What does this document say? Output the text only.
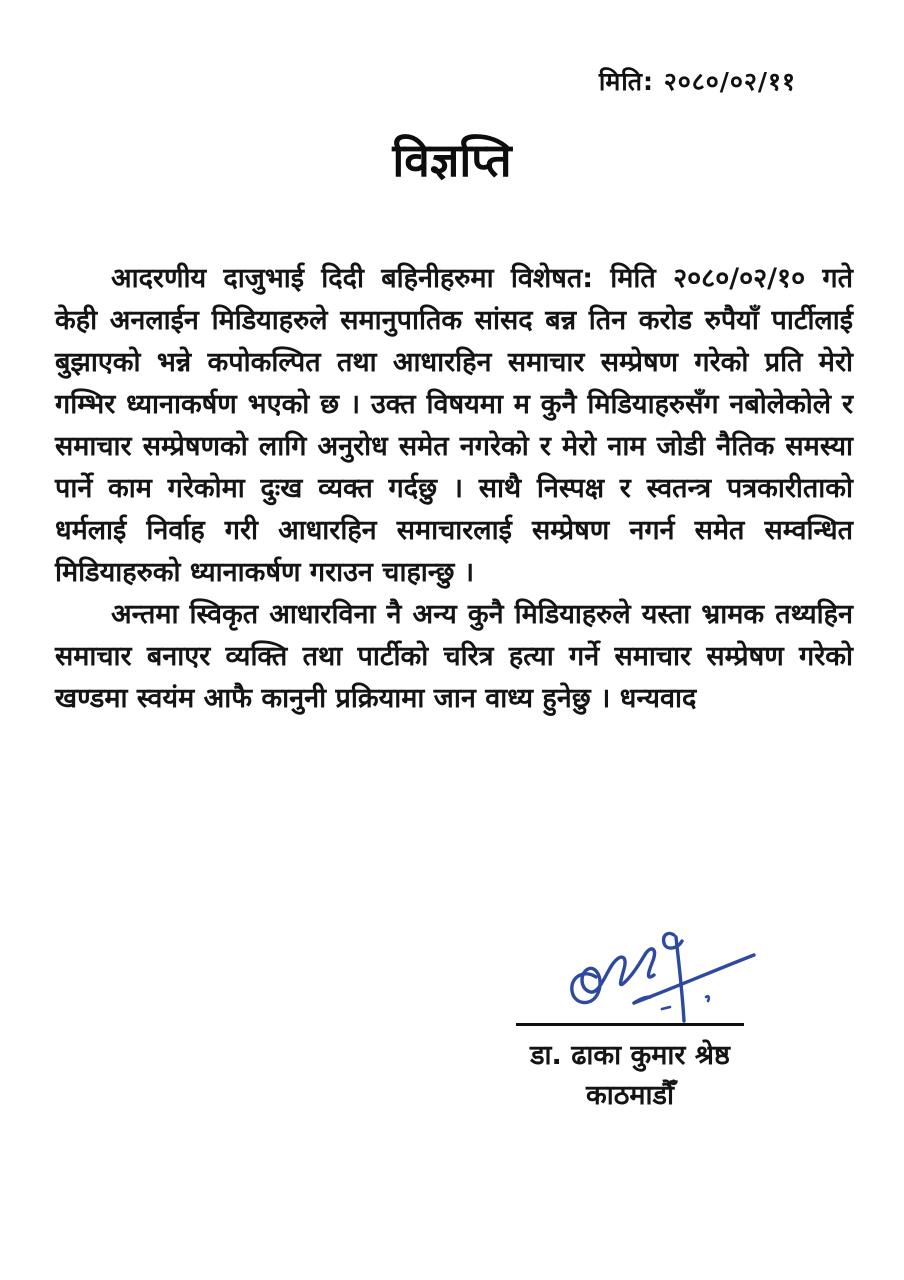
मिति: २०८०/०२/११
विज्ञप्ति
आदरणीय दाजुभाई दिदी बहिनीहरुमा विशेषत: मिति २०८०/०२/१० गते
केही अनलाईन मिडियाहरुले समानुपातिक सांसद बन्न तिन करोड रुपैयाँ पार्टीलाई
बुझाएको भन्ने कपोकल्पित तथा आधारहिन समाचार सम्प्रेषण गरेको प्रति मेरो
गम्भिर ध्यानाकर्षण भएको छ । उक्त विषयमा म कुनै मिडियाहरुसँग नबोलेकोले र
समाचार सम्प्रेषणको लागि अनुरोध समेत नगरेको र मेरो नाम जोडी नैतिक समस्या
पार्ने काम गरेकोमा दुःख व्यक्त गर्दछु । साथै निस्पक्ष र स्वतन्त्र पत्रकारीताको
धर्मलाई निर्वाह गरी आधारहिन समाचारलाई सम्प्रेषण नगर्न समेत सम्वन्धित
मिडियाहरुको ध्यानाकर्षण गराउन चाहान्छु ।
अन्तमा स्विकृत आधारविना नै अन्य कुनै मिडियाहरुले यस्ता भ्रामक तथ्यहिन
समाचार बनाएर व्यक्ति तथा पार्टीको चरित्र हत्या गर्ने समाचार सम्प्रेषण गरेको
खण्डमा स्वयंम आफै कानुनी प्रक्रियामा जान वाध्य हुनेछु । धन्यवाद
डा. ढाका कुमार श्रेष्ठ
काठमाडौँ
